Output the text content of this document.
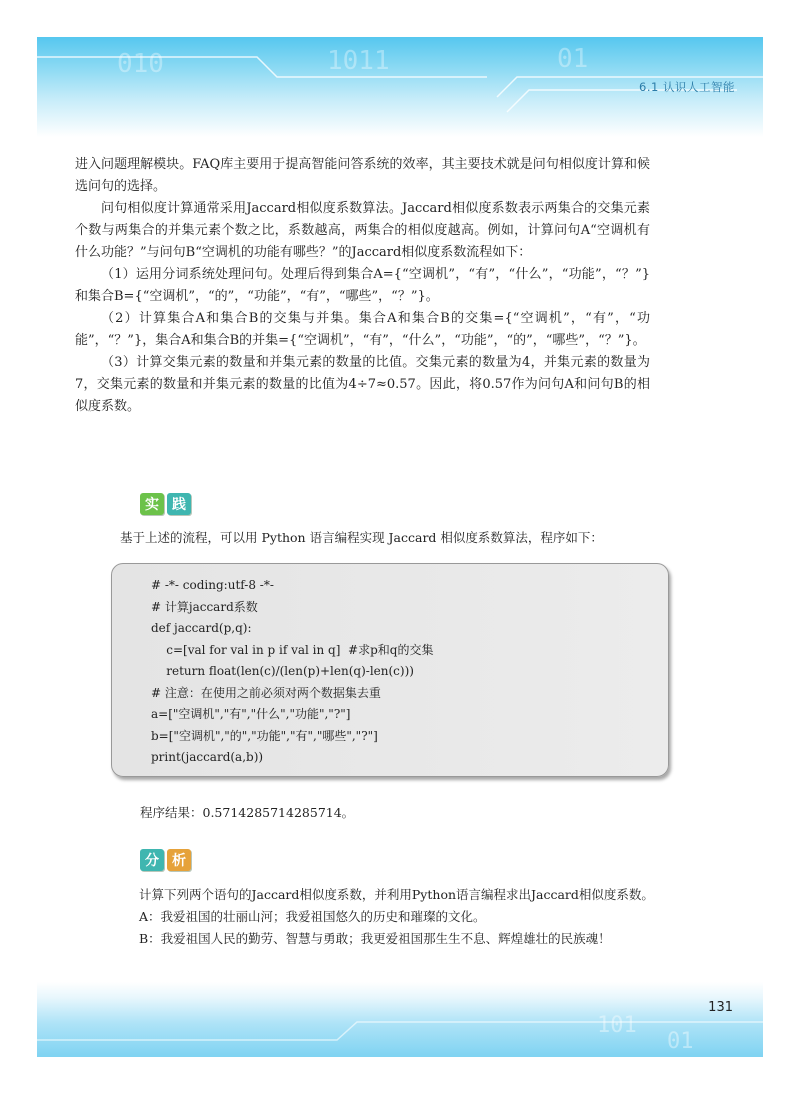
010	1011	01
6.1 认识人工智能
101
01
131

进入问题理解模块。FAQ库主要用于提高智能问答系统的效率，其主要技术就是问句相似度计算和候选问句的选择。

问句相似度计算通常采用Jaccard相似度系数算法。Jaccard相似度系数表示两集合的交集元素个数与两集合的并集元素个数之比，系数越高，两集合的相似度越高。例如，计算问句A“空调机有什么功能？”与问句B“空调机的功能有哪些？”的Jaccard相似度系数流程如下：

（1）运用分词系统处理问句。处理后得到集合A={“空调机”，“有”，“什么”，“功能”，“？”}和集合B={“空调机”，“的”，“功能”，“有”，“哪些”，“？”}。

（2）计算集合A和集合B的交集与并集。集合A和集合B的交集={“空调机”，“有”，“功能”，“？”}，集合A和集合B的并集={“空调机”，“有”，“什么”，“功能”，“的”，“哪些”，“？”}。

（3）计算交集元素的数量和并集元素的数量的比值。交集元素的数量为4，并集元素的数量为7，交集元素的数量和并集元素的数量的比值为4÷7≈0.57。因此，将0.57作为问句A和问句B的相似度系数。

实 践
基于上述的流程，可以用 Python 语言编程实现 Jaccard 相似度系数算法，程序如下：
# -*- coding:utf-8 -*-
# 计算jaccard系数
def jaccard(p,q):
c=[val for val in p if val in q]  #求p和q的交集
return float(len(c)/(len(p)+len(q)-len(c)))
# 注意：在使用之前必须对两个数据集去重
a=["空调机","有","什么","功能","?"]
b=["空调机","的","功能","有","哪些","?"]
print(jaccard(a,b))
程序结果：0.5714285714285714。
分 析

计算下列两个语句的Jaccard相似度系数，并利用Python语言编程求出Jaccard相似度系数。

A：我爱祖国的壮丽山河；我爱祖国悠久的历史和璀璨的文化。

B：我爱祖国人民的勤劳、智慧与勇敢；我更爱祖国那生生不息、辉煌雄壮的民族魂！
